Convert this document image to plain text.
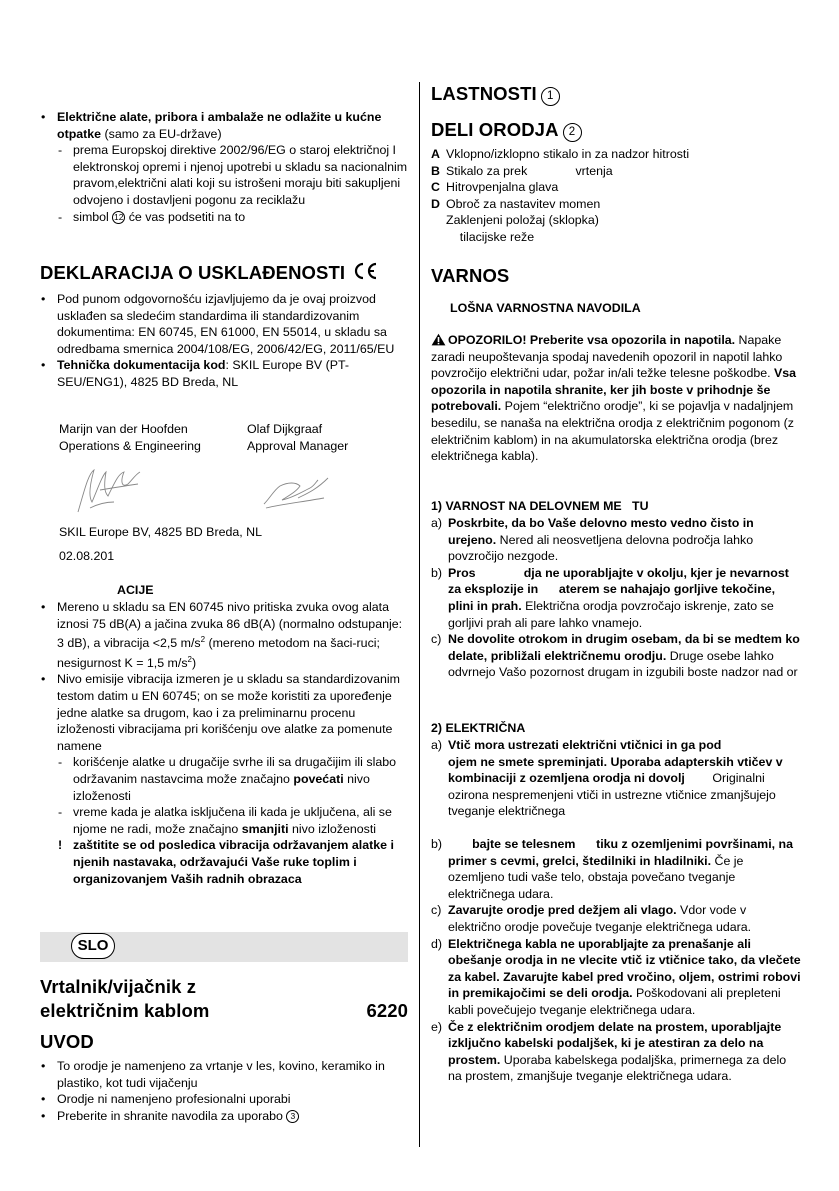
• Električne alate, pribora i ambalaže ne odlažite u kućne otpatke (samo za EU-države)
- prema Europskoj direktive 2002/96/EG o staroj električnoj I elektronskoj opremi i njenoj upotrebi u skladu sa nacionalnim pravom,električni alati koji su istrošeni moraju biti sakupljeni odvojeno i dostavljeni pogonu za reciklažu
- simbol 12 će vas podsetiti na to
DEKLARACIJA O USKLAĐENOSTI
• Pod punom odgovornošću izjavljujemo da je ovaj proizvod usklađen sa sledećim standardima ili standardizovanim dokumentima: EN 60745, EN 61000, EN 55014, u skladu sa odredbama smernica 2004/108/EG, 2006/42/EG, 2011/65/EU
• Tehnička dokumentacija kod: SKIL Europe BV (PT-SEU/ENG1), 4825 BD Breda, NL
Marijn van der Hoofden
Operations & Engineering
Olaf Dijkgraaf
Approval Manager
SKIL Europe BV, 4825 BD Breda, NL
02.08.201
ACIJE
• Mereno u skladu sa EN 60745 nivo pritiska zvuka ovog alata iznosi 75 dB(A) a jačina zvuka 86 dB(A) (normalno odstupanje: 3 dB), a vibracija <2,5 $m/s^2$ (mereno metodom na šaci-ruci; nesigurnost K = 1,5 $m/s^2$)
• Nivo emisije vibracija izmeren je u skladu sa standardizovanim testom datim u EN 60745; on se može koristiti za upoređenje jedne alatke sa drugom, kao i za preliminarnu procenu izloženosti vibracijama pri korišćenju ove alatke za pomenute namene
- korišćenje alatke u drugačije svrhe ili sa drugačijim ili slabo održavanim nastavcima može značajno povećati nivo izloženosti
- vreme kada je alatka isključena ili kada je uključena, ali se njome ne radi, može značajno smanjiti nivo izloženosti
! zaštitite se od posledica vibracija održavanjem alatke i njenih nastavaka, održavajući Vaše ruke toplim i organizovanjem Vaših radnih obrazaca
SLO
Vrtalnik/vijačnik z
električnim kablom	6220
UVOD
• To orodje je namenjeno za vrtanje v les, kovino, keramiko in plastiko, kot tudi vijačenju
• Orodje ni namenjeno profesionalni uporabi
• Preberite in shranite navodila za uporabo 3
LASTNOSTI 1
DELI ORODJA 2
A Vklopno/izklopno stikalo in za nadzor hitrosti
B Stikalo za prek              vrtenja
C Hitrovpenjalna glava
D Obroč za nastavitev momen
Zaklenjeni položaj (sklopka)
tilacijske reže
VARNOS
LOŠNA VARNOSTNA NAVODILA
OPOZORILO! Preberite vsa opozorila in napotila. Napake zaradi neupoštevanja spodaj navedenih opozoril in napotil lahko povzročijo električni udar, požar in/ali težke telesne poškodbe. Vsa opozorila in napotila shranite, ker jih boste v prihodnje še potrebovali. Pojem “električno orodje”, ki se pojavlja v nadaljnjem besedilu, se nanaša na električna orodja z električnim pogonom (z električnim kablom) in na akumulatorska električna orodja (brez električnega kabla).
1) VARNOST NA DELOVNEM ME   TU
a) Poskrbite, da bo Vaše delovno mesto vedno čisto in urejeno. Nered ali neosvetljena delovna področja lahko povzročijo nezgode.
b) Pros              dja ne uporabljajte v okolju, kjer je nevarnost za eksplozije in      aterem se nahajajo gorljive tekočine, plini in prah. Električna orodja povzročajo iskrenje, zato se gorljivi prah ali pare lahko vnamejo.
c) Ne dovolite otrokom in drugim osebam, da bi se medtem ko delate, približali električnemu orodju. Druge osebe lahko odvrnejo Vašo pozornost drugam in izgubili boste nadzor nad or
2) ELEKTRIČNA
a) Vtič mora ustrezati električni vtičnici in ga pod                       ojem ne smete spreminjati. Uporaba adapterskih vtičev v kombinaciji z ozemljena orodja ni dovolj        Originalni ozirona nespremenjeni vtiči in ustrezne vtičnice zmanjšujejo tveganje električnega
b) bajte se telesnem      tiku z ozemljenimi površinami, na primer s cevmi, grelci, štedilniki in hladilniki. Če je ozemljeno tudi vaše telo, obstaja povečano tveganje električnega udara.
c) Zavarujte orodje pred dežjem ali vlago. Vdor vode v električno orodje povečuje tveganje električnega udara.
d) Električnega kabla ne uporabljajte za prenašanje ali obešanje orodja in ne vlecite vtič iz vtičnice tako, da vlečete za kabel. Zavarujte kabel pred vročino, oljem, ostrimi robovi in premikajočimi se deli orodja. Poškodovani ali prepleteni kabli povečujejo tveganje električnega udara.
e) Če z električnim orodjem delate na prostem, uporabljajte izključno kabelski podaljšek, ki je atestiran za delo na prostem. Uporaba kabelskega podaljška, primernega za delo na prostem, zmanjšuje tveganje električnega udara.
